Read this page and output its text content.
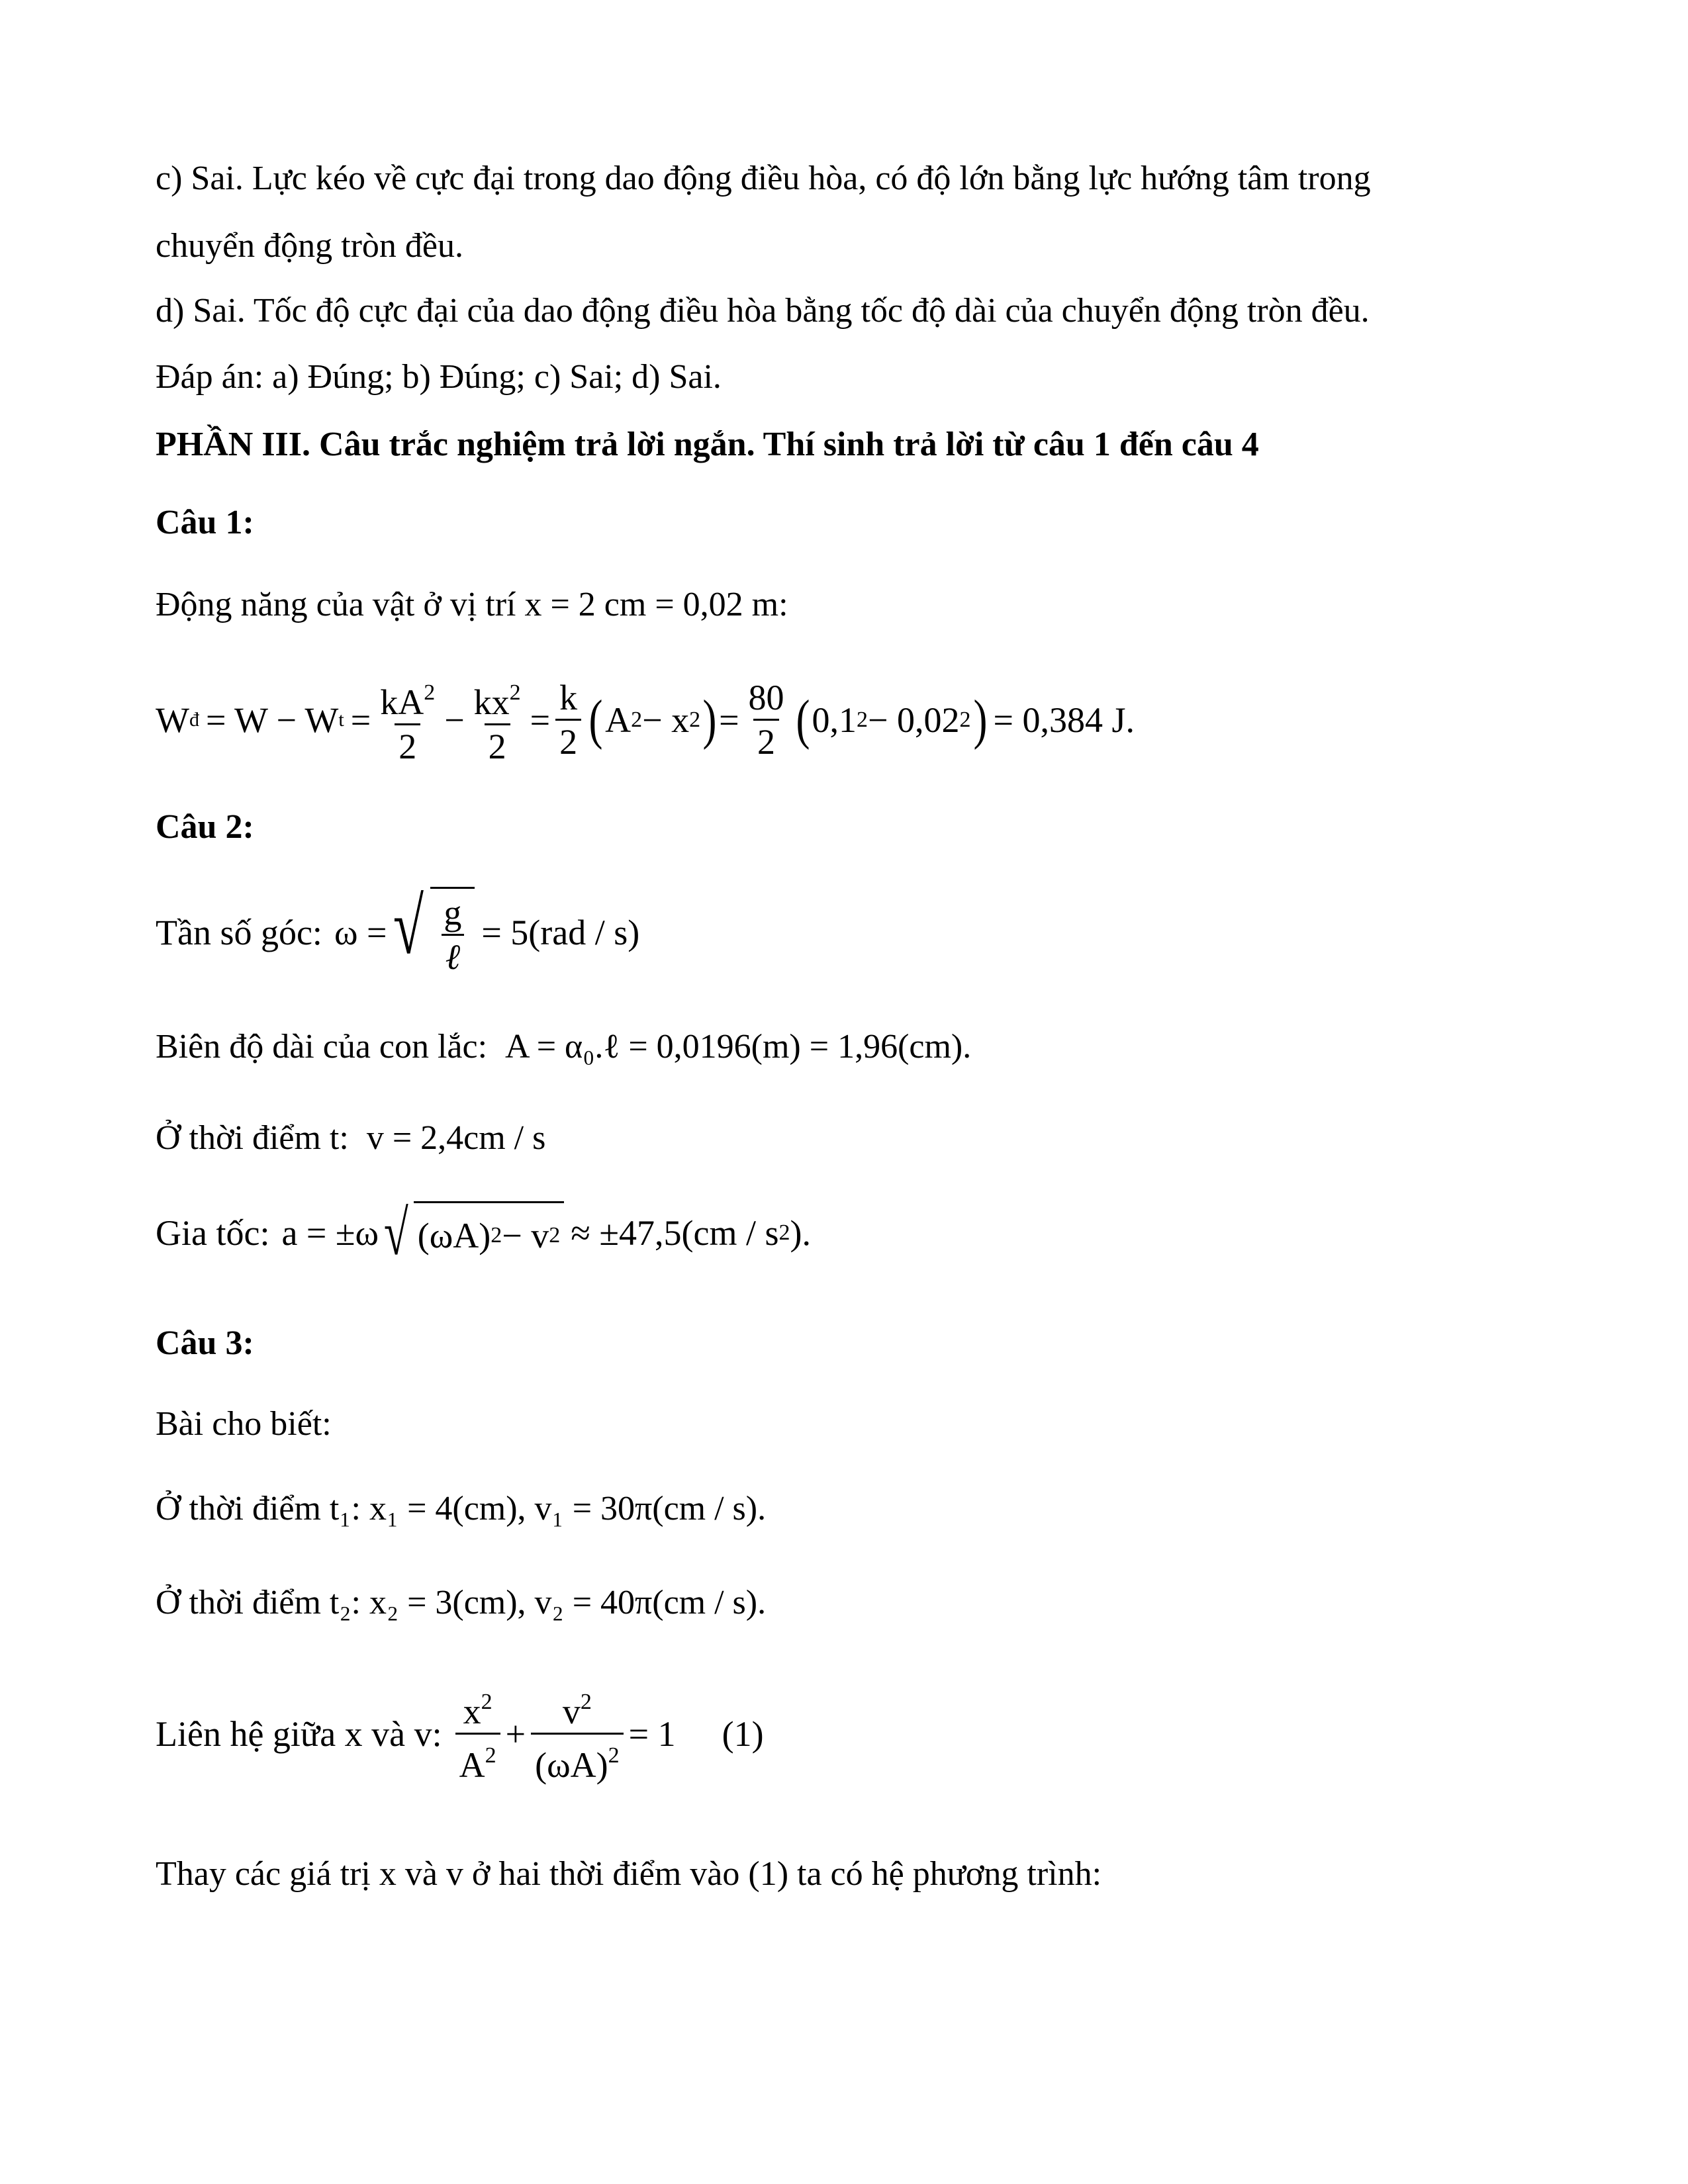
c) Sai. Lực kéo về cực đại trong dao động điều hòa, có độ lớn bằng lực hướng tâm trong
chuyển động tròn đều.
d) Sai. Tốc độ cực đại của dao động điều hòa bằng tốc độ dài của chuyển động tròn đều.
Đáp án: a) Đúng; b) Đúng; c) Sai; d) Sai.
PHẦN III. Câu trắc nghiệm trả lời ngắn. Thí sinh trả lời từ câu 1 đến câu 4
Câu 1:
Động năng của vật ở vị trí x = 2 cm = 0,02 m:
W đ = W − W $t = \frac{kA^2}{2} - \frac{kx^2}{2} = \frac{k}{2}$ ( A 2 − x 2 ) = $\frac{80}{2}$ ( 0,1 2 − 0,02 2 ) = 0,384 J.
Câu 2:
Tần số góc: ω = √ $\frac{g}{\text{ℓ}} = 5(rad / s)$
Biên độ dài của con lắc: A = α₀.ℓ = 0,0196(m) = 1,96(cm).
Ở thời điểm t: v = 2,4cm / s
Gia tốc: a = ±ω √ (ωA) 2 − v 2 ≈ ±47,5(cm / s 2 ).
Câu 3:
Bài cho biết:
Ở thời điểm t₁: x₁ = 4(cm), v₁ = 30π(cm / s).
Ở thời điểm t₂: x₂ = 3(cm), v₂ = 40π(cm / s).
Liên hệ giữa x và v: $\frac{x^2}{A^2} + \frac{v^2}{(\omega A)^2} = 1$ (1)
Thay các giá trị x và v ở hai thời điểm vào (1) ta có hệ phương trình:
